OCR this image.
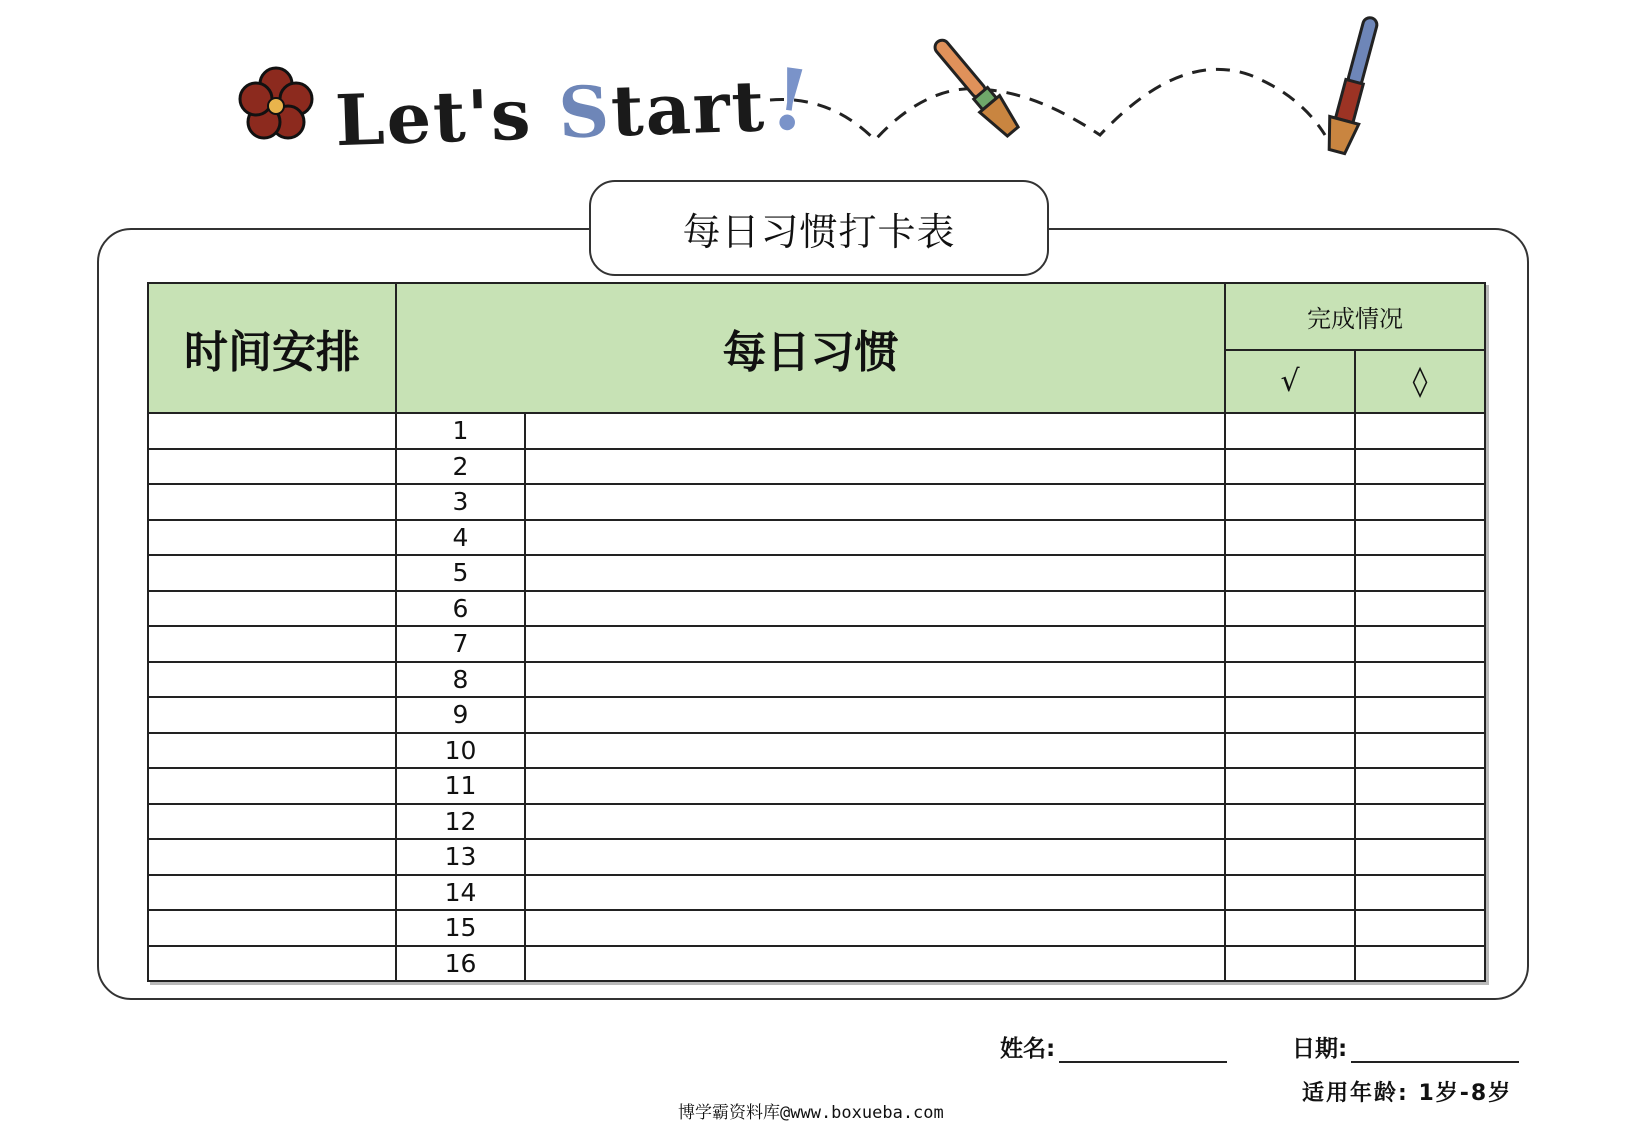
Let's Start!
每日习惯打卡表
时间安排	每日习惯		完成情况	
			√	◊
	1			
	2			
	3			
	4			
	5			
	6			
	7			
	8			
	9			
	10			
	11			
	12			
	13			
	14			
	15			
	16			
姓名:	日期:
适用年龄: 1岁-8岁
博学霸资料库@www.boxueba.com
